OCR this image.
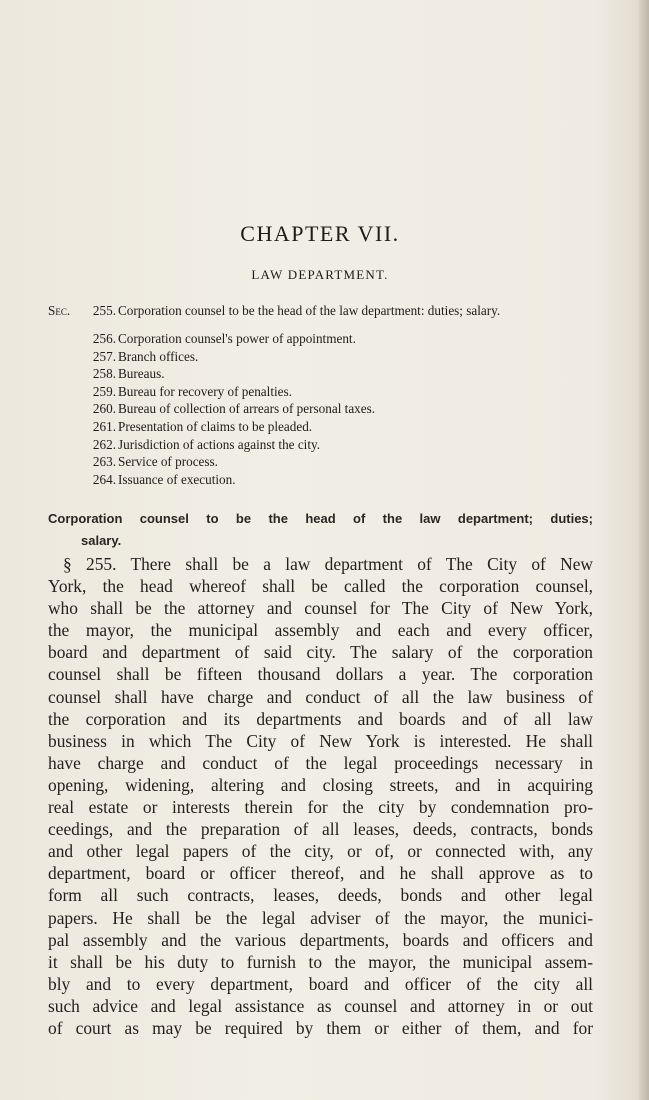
CHAPTER VII.
LAW DEPARTMENT.
Sec.	255. Corporation counsel to be the head of the law department: duties; salary.
256. Corporation counsel's power of appointment.
257. Branch offices.
258. Bureaus.
259. Bureau for recovery of penalties.
260. Bureau of collection of arrears of personal taxes.
261. Presentation of claims to be pleaded.
262. Jurisdiction of actions against the city.
263. Service of process.
264. Issuance of execution.
Corporation counsel to be the head of the law department; duties;
salary.
§ 255. There shall be a law department of The City of New
York, the head whereof shall be called the corporation counsel,
who shall be the attorney and counsel for The City of New York,
the mayor, the municipal assembly and each and every officer,
board and department of said city. The salary of the corporation
counsel shall be fifteen thousand dollars a year. The corporation
counsel shall have charge and conduct of all the law business of
the corporation and its departments and boards and of all law
business in which The City of New York is interested. He shall
have charge and conduct of the legal proceedings necessary in
opening, widening, altering and closing streets, and in acquiring
real estate or interests therein for the city by condemnation pro-
ceedings, and the preparation of all leases, deeds, contracts, bonds
and other legal papers of the city, or of, or connected with, any
department, board or officer thereof, and he shall approve as to
form all such contracts, leases, deeds, bonds and other legal
papers. He shall be the legal adviser of the mayor, the munici-
pal assembly and the various departments, boards and officers and
it shall be his duty to furnish to the mayor, the municipal assem-
bly and to every department, board and officer of the city all
such advice and legal assistance as counsel and attorney in or out
of court as may be required by them or either of them, and for
